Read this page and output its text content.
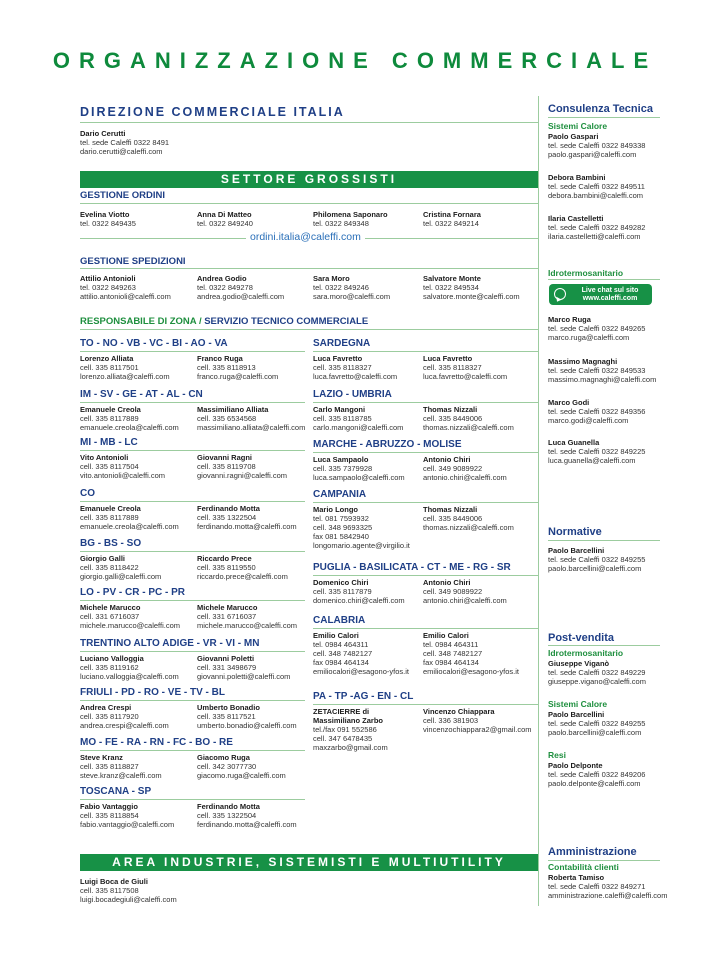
ORGANIZZAZIONE COMMERCIALE
DIREZIONE COMMERCIALE ITALIA
Dario Cerutti
tel. sede Caleffi 0322 8491
dario.cerutti@caleffi.com
SETTORE GROSSISTI
GESTIONE ORDINI
Evelina Viotto
tel. 0322 849435
Anna Di Matteo
tel. 0322 849240
Philomena Saponaro
tel. 0322 849348
Cristina Fornara
tel. 0322 849214
ordini.italia@caleffi.com
GESTIONE SPEDIZIONI
Attilio Antonioli
tel. 0322 849263
attilio.antonioli@caleffi.com
Andrea Godio
tel. 0322 849278
andrea.godio@caleffi.com
Sara Moro
tel. 0322 849246
sara.moro@caleffi.com
Salvatore Monte
tel. 0322 849534
salvatore.monte@caleffi.com
RESPONSABILE DI ZONA / SERVIZIO TECNICO COMMERCIALE
TO - NO - VB - VC - BI - AO - VA
Lorenzo Alliata
cell. 335 8117501
lorenzo.alliata@caleffi.com
Franco Ruga
cell. 335 8118913
franco.ruga@caleffi.com
IM - SV - GE - AT - AL - CN
Emanuele Creola
cell. 335 8117889
emanuele.creola@caleffi.com
Massimiliano Alliata
cell. 335 6534568
massimiliano.alliata@caleffi.com
MI - MB - LC
Vito Antonioli
cell. 335 8117504
vito.antonioli@caleffi.com
Giovanni Ragni
cell. 335 8119708
giovanni.ragni@caleffi.com
CO
Emanuele Creola
cell. 335 8117889
emanuele.creola@caleffi.com
Ferdinando Motta
cell. 335 1322504
ferdinando.motta@caleffi.com
BG - BS - SO
Giorgio Galli
cell. 335 8118422
giorgio.galli@caleffi.com
Riccardo Prece
cell. 335 8119550
riccardo.prece@caleffi.com
LO - PV - CR - PC - PR
Michele Marucco
cell. 331 6716037
michele.marucco@caleffi.com
Michele Marucco
cell. 331 6716037
michele.marucco@caleffi.com
TRENTINO ALTO ADIGE - VR - VI - MN
Luciano Valloggia
cell. 335 8119162
luciano.valloggia@caleffi.com
Giovanni Poletti
cell. 331 3498679
giovanni.poletti@caleffi.com
FRIULI - PD - RO - VE - TV - BL
Andrea Crespi
cell. 335 8117920
andrea.crespi@caleffi.com
Umberto Bonadio
cell. 335 8117521
umberto.bonadio@caleffi.com
MO - FE - RA - RN - FC - BO - RE
Steve Kranz
cell. 335 8118827
steve.kranz@caleffi.com
Giacomo Ruga
cell. 342 3077730
giacomo.ruga@caleffi.com
TOSCANA - SP
Fabio Vantaggio
cell. 335 8118854
fabio.vantaggio@caleffi.com
Ferdinando Motta
cell. 335 1322504
ferdinando.motta@caleffi.com
SARDEGNA
Luca Favretto
cell. 335 8118327
luca.favretto@caleffi.com
Luca Favretto
cell. 335 8118327
luca.favretto@caleffi.com
LAZIO - UMBRIA
Carlo Mangoni
cell. 335 8118785
carlo.mangoni@caleffi.com
Thomas Nizzali
cell. 335 8449006
thomas.nizzali@caleffi.com
MARCHE - ABRUZZO - MOLISE
Luca Sampaolo
cell. 335 7379928
luca.sampaolo@caleffi.com
Antonio Chiri
cell. 349 9089922
antonio.chiri@caleffi.com
CAMPANIA
Mario Longo
tel. 081 7593932
cell. 348 9693325
fax 081 5842940
longomario.agente@virgilio.it
Thomas Nizzali
cell. 335 8449006
thomas.nizzali@caleffi.com
PUGLIA - BASILICATA - CT - ME - RG - SR
Domenico Chiri
cell. 335 8117879
domenico.chiri@caleffi.com
Antonio Chiri
cell. 349 9089922
antonio.chiri@caleffi.com
CALABRIA
Emilio Calori
tel. 0984 464311
cell. 348 7482127
fax 0984 464134
emiliocalori@esagono-yfos.it
Emilio Calori
tel. 0984 464311
cell. 348 7482127
fax 0984 464134
emiliocalori@esagono-yfos.it
PA - TP -AG - EN - CL
ZETACIERRE di
Massimiliano Zarbo
tel./fax 091 552586
cell. 347 6478435
maxzarbo@gmail.com
Vincenzo Chiappara
cell. 336 381903
vincenzochiappara2@gmail.com
AREA INDUSTRIE, SISTEMISTI E MULTIUTILITY
Luigi Boca de Giuli
cell. 335 8117508
luigi.bocadegiuli@caleffi.com
Consulenza Tecnica
Sistemi Calore
Paolo Gaspari
tel. sede Caleffi 0322 849338
paolo.gaspari@caleffi.com
Debora Bambini
tel. sede Caleffi 0322 849511
debora.bambini@caleffi.com
Ilaria Castelletti
tel. sede Caleffi 0322 849282
ilaria.castelletti@caleffi.com
Idrotermosanitario
Live chat sul sito
www.caleffi.com
Marco Ruga
tel. sede Caleffi 0322 849265
marco.ruga@caleffi.com
Massimo Magnaghi
tel. sede Caleffi 0322 849533
massimo.magnaghi@caleffi.com
Marco Godi
tel. sede Caleffi 0322 849356
marco.godi@caleffi.com
Luca Guanella
tel. sede Caleffi 0322 849225
luca.guanella@caleffi.com
Normative
Paolo Barcellini
tel. sede Caleffi 0322 849255
paolo.barcellini@caleffi.com
Post-vendita
Idrotermosanitario
Giuseppe Viganò
tel. sede Caleffi 0322 849229
giuseppe.vigano@caleffi.com
Sistemi Calore
Paolo Barcellini
tel. sede Caleffi 0322 849255
paolo.barcellini@caleffi.com
Resi
Paolo Delponte
tel. sede Caleffi 0322 849206
paolo.delponte@caleffi.com
Amministrazione
Contabilità clienti
Roberta Tamiso
tel. sede Caleffi 0322 849271
amministrazione.caleffi@caleffi.com
